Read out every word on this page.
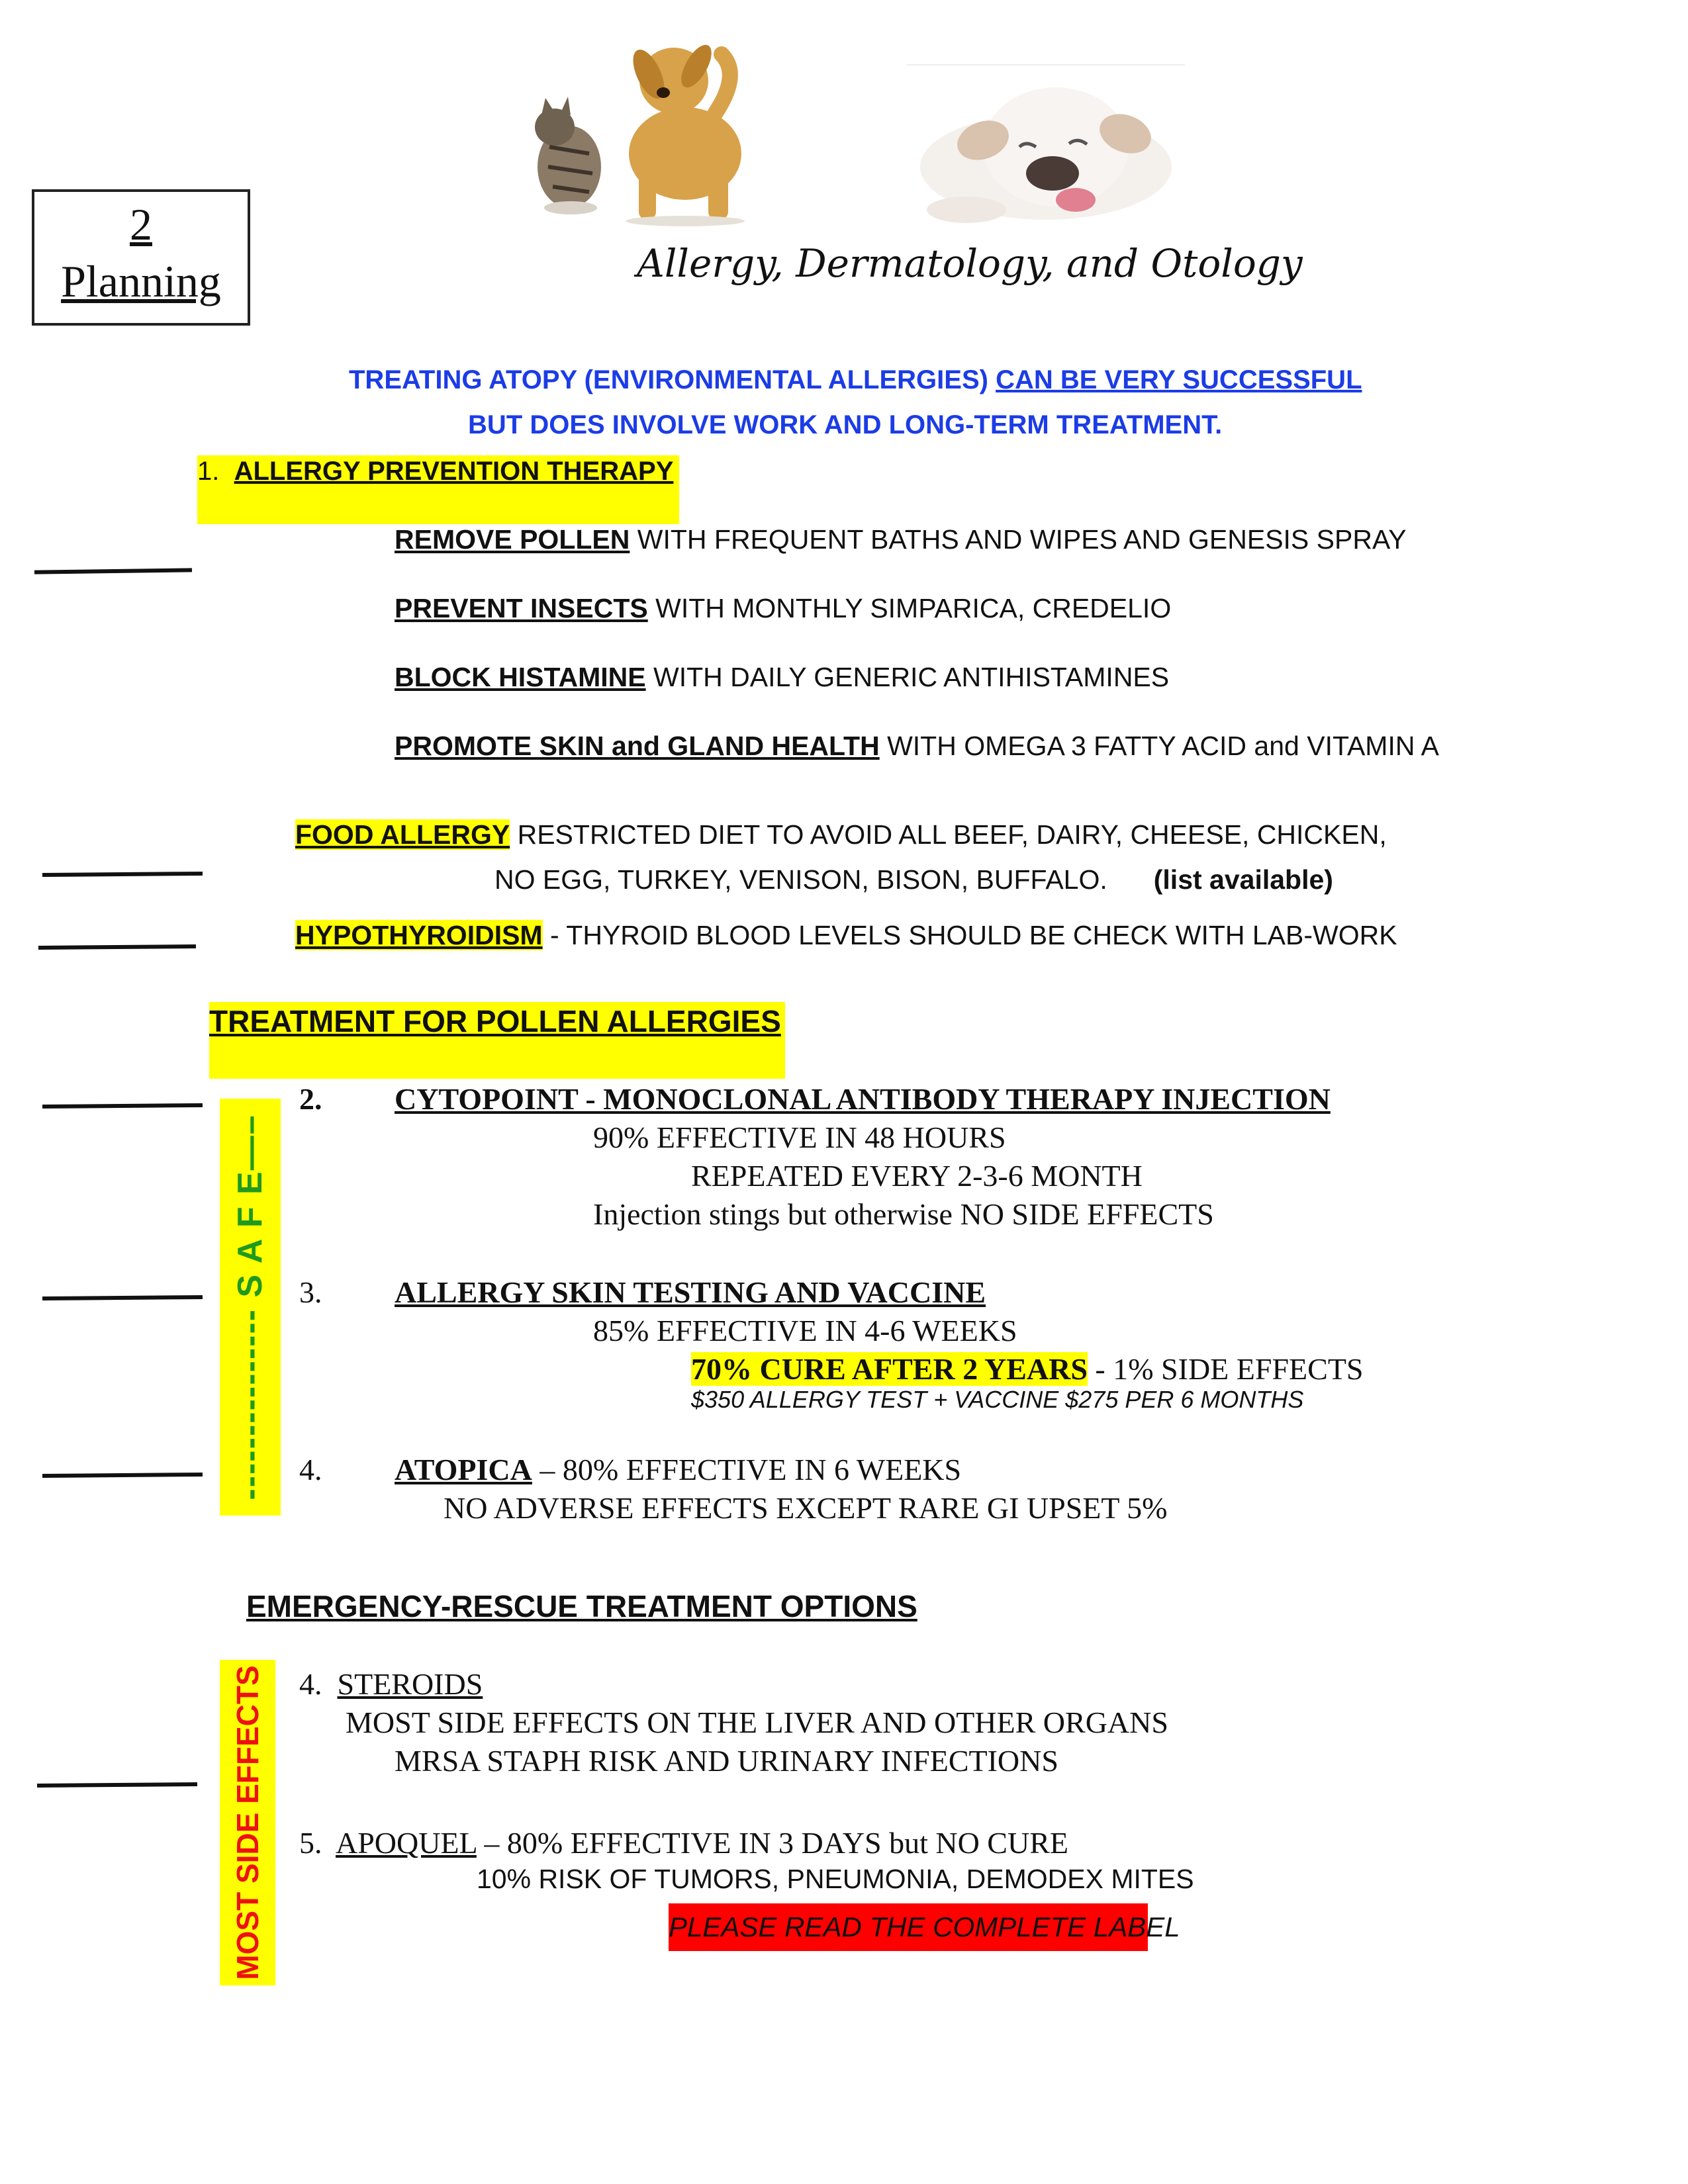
2
Planning	Allergy, Dermatology, and Otology
TREATING ATOPY (ENVIRONMENTAL ALLERGIES) CAN BE VERY SUCCESSFUL
BUT DOES INVOLVE WORK AND LONG-TERM TREATMENT.
1. ALLERGY PREVENTION THERAPY
REMOVE POLLEN WITH FREQUENT BATHS AND WIPES AND GENESIS SPRAY
PREVENT INSECTS WITH MONTHLY SIMPARICA, CREDELIO
BLOCK HISTAMINE WITH DAILY GENERIC ANTIHISTAMINES
PROMOTE SKIN and GLAND HEALTH WITH OMEGA 3 FATTY ACID and VITAMIN A
FOOD ALLERGY RESTRICTED DIET TO AVOID ALL BEEF, DAIRY, CHEESE, CHICKEN,
NO EGG, TURKEY, VENISON, BISON, BUFFALO. (list available)
HYPOTHYROIDISM - THYROID BLOOD LEVELS SHOULD BE CHECK WITH LAB-WORK
TREATMENT FOR POLLEN ALLERGIES
--------------- S A F E—–
2. CYTOPOINT - MONOCLONAL ANTIBODY THERAPY INJECTION
90% EFFECTIVE IN 48 HOURS
REPEATED EVERY 2-3-6 MONTH
Injection stings but otherwise NO SIDE EFFECTS
3. ALLERGY SKIN TESTING AND VACCINE
85% EFFECTIVE IN 4-6 WEEKS
70% CURE AFTER 2 YEARS - 1% SIDE EFFECTS
$350 ALLERGY TEST + VACCINE $275 PER 6 MONTHS
4. ATOPICA – 80% EFFECTIVE IN 6 WEEKS
NO ADVERSE EFFECTS EXCEPT RARE GI UPSET 5%
EMERGENCY-RESCUE TREATMENT OPTIONS
MOST SIDE EFFECTS	4. STEROIDS
MOST SIDE EFFECTS ON THE LIVER AND OTHER ORGANS
MRSA STAPH RISK AND URINARY INFECTIONS
5. APOQUEL – 80% EFFECTIVE IN 3 DAYS but NO CURE
10% RISK OF TUMORS, PNEUMONIA, DEMODEX MITES
PLEASE READ THE COMPLETE LABEL
